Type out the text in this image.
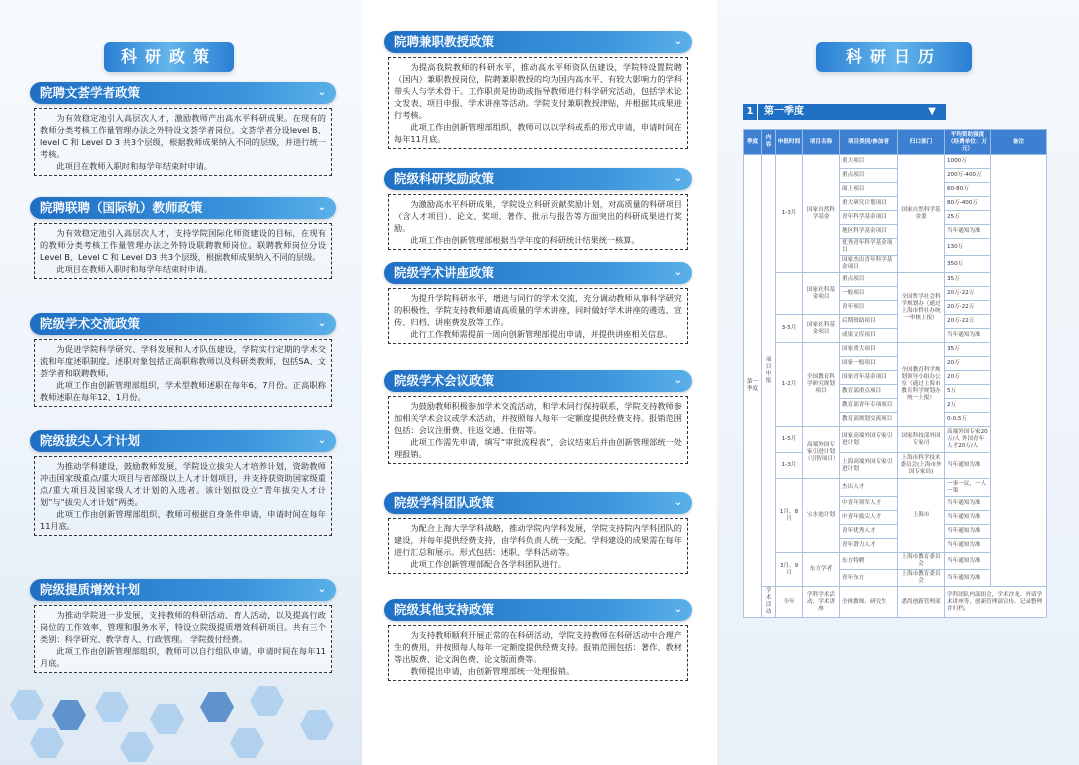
科研政策
院聘文荟学者政策	⌄

为有效稳定池引入高层次人才，激励教师产出高水平科研成果。在现有的教师分类考核工作量管理办法之外特设文荟学者岗位。文荟学者分设level B、level C 和 Level D 3 共3个层级，根据教师成果纳入不同的层级，并进行统一考核。

此项目在教师入职时和每学年结束时申请。

院聘联聘（国际轨）教师政策	⌄

为有效稳定池引入高层次人才，支持学院国际化师资建设的目标，在现有的教师分类考核工作量管理办法之外特设联聘教师岗位。联聘教师岗位分设 Level B、Level C 和 Level D3 共3个层级，根据教师成果纳入不同的层级。

此项目在教师入职时和每学年结束时申请。

院级学术交流政策	⌄

为促进学院科学研究、学科发展和人才队伍建设，学院实行定期的学术交流和年度述职制度。述职对象包括正高职称教师以及科研类教师，包括SA、文荟学者和联聘教师。

此项工作由创新管理部组织，学术型教师述职在每年6、7月份。正高职称教师述职在每年12、1月份。

院级拔尖人才计划	⌄

为推动学科建设，鼓励教师发展，学院设立拔尖人才培养计划，资助教师冲击国家级重点/重大项目与省部级以上人才计划项目，并支持获资助国家级重点/重大项目及国家级人才计划的入选者。该计划拟设立“青年拔尖人才计 划”与“拔尖人才计划”两类。

此项工作由创新管理部组织，教师可根据自身条件申请，申请时间在每年11月底。

院级提质增效计划	⌄

为推动学院进一步发展，支持教师的科研活动、育人活动，以及提高行政岗位的工作效率、管理和服务水平，特设立院级提质增效科研项目。共有三个类别：科学研究、教学育人、行政管理。 学院拨付经费。

此项工作由创新管理部组织，教师可以自行组队申请，申请时间在每年11月底。

院聘兼职教授政策	⌄

为提高我院教师的科研水平，推动高水平师资队伍建设，学院特设置院聘（国内）兼职教授岗位，院聘兼职教授的均为国内高水平、有较大影响力的学科带头人与学术骨干。工作职责是协助或指导教师进行科学研究活动，包括学术论文发表、项目申报、学术讲座等活动。学院支付兼职教授津贴，并根据其成果进行考核。

此项工作由创新管理部组织，教师可以以学科或系的形式申请，申请时间在每年11月底。

院级科研奖励政策	⌄

为激励高水平科研成果，学院设立科研贡献奖励计划，对高质量的科研项目（含人才项目）、论文、奖项、著作、批示与报告等方面突出的科研成果进行奖励。

此项工作由创新管理部根据当学年度的科研统计结果统一核算。

院级学术讲座政策	⌄

为提升学院科研水平，增进与同行的学术交流，充分调动教师从事科学研究的积极性，学院支持教师邀请高质量的学术讲座，同时做好学术讲座的遴选、宣传、归档、讲座费发放等工作。

此行工作教师需提前一周向创新管理部提出申请，并提供讲座相关信息。

院级学术会议政策	⌄

为鼓励教师积极参加学术交流活动，和学术同行保持联系，学院支持教师参加相关学术会议或学术活动，并按照每人每年一定额度提供经费支持。报销范围包括：会议注册费、往返交通、住宿等。

此项工作需先申请，填写“审批流程表”，会议结束后并由创新管理部统一处理报销。

院级学科团队政策	⌄

为配合上海大学学科战略，推动学院内学科发展，学院支持院内学科团队的建设，并每年提供经费支持，由学科负责人统一支配。学科建设的成果需在每年进行汇总和展示。形式包括：述职、学科活动等。

此项工作创新管理部配合各学科团队进行。

院级其他支持政策	⌄

为支持教师顺利开展正常的在科研活动，学院支持教师在科研活动中合理产生的费用，并按照每人每年一定额度提供经费支持。报销范围包括：著作、教材等出版费、论文润色费、论文版面费等。

教师提出申请，由创新管理部统一处理报销。

科研日历
1 第一季度	▼
季度	内容	申报时间	项目名称	项目类别/参加者	归口部门	平均资助强度（经费单位：万元）	备注
第一季度	项目申报	1-3月	国家自然科学基金	重大项目	国家自然科学基金委	1000万	
				重点项目		200万-400万	
				面上项目		60-80万	
				重大研究计划项目		80万-400万	
				青年科学基金项目		25万	
				地区科学基金项目		当年通知为准	
				优秀青年科学基金项目		130万	
				国家杰出青年科学基金项目		350万	
			国家社科基金项目	重点项目	全国哲学社会科学规划办（通过上海市哲社办统一审核上报）	35万	
				一般项目		20万-22万	
				青年项目		20万-22万	
		3-5月	国家社科基金项目	后期资助项目		20万-22万	
				成果文库项目		当年通知为准	
		1-2月	全国教育科学研究规划项目	国家重大项目	全国教育科学规划领导小组办公室（通过上海市教育科学规划办统一上报）	35万	
				国家一般项目		20万	
				国家青年基金项目		20万	
				教育部重点项目		5万	
				教育部青年专项项目		2万	
				教育部规划交流项目		0-0.5万	
		1-5月	高端外国专家引进计划（引智项目）	国家高端外国专家引进计划	国家科技部外国专家司	高端外国专家20万/人 外国青年人才20万/人	
		1-3月		上海高端外国专家引进计划	上海市科学技术委员会(上海市外国专家局)	当年通知为准	
		1月、8月	宝水池计划	杰出人才	上海市	一事一议，一人一策	
				中青年领军人才		当年通知为准	
				中青年拔尖人才		当年通知为准	
				青年优秀人才		当年通知为准	
				青年潜力人才		当年通知为准	
		3月、9月	东方学者	东方特聘	上海市教育委员会	当年通知为准	
				青年东方	上海市教育委员会	当年通知为准	
	学术活动	全年	学科学术活动、学术讲座	全体教师、研究生	悉尚创新管理部	学科团队内部组会，学术沙龙、外请学术讲座等，创新管理部宣传、记录整理并归档。	
